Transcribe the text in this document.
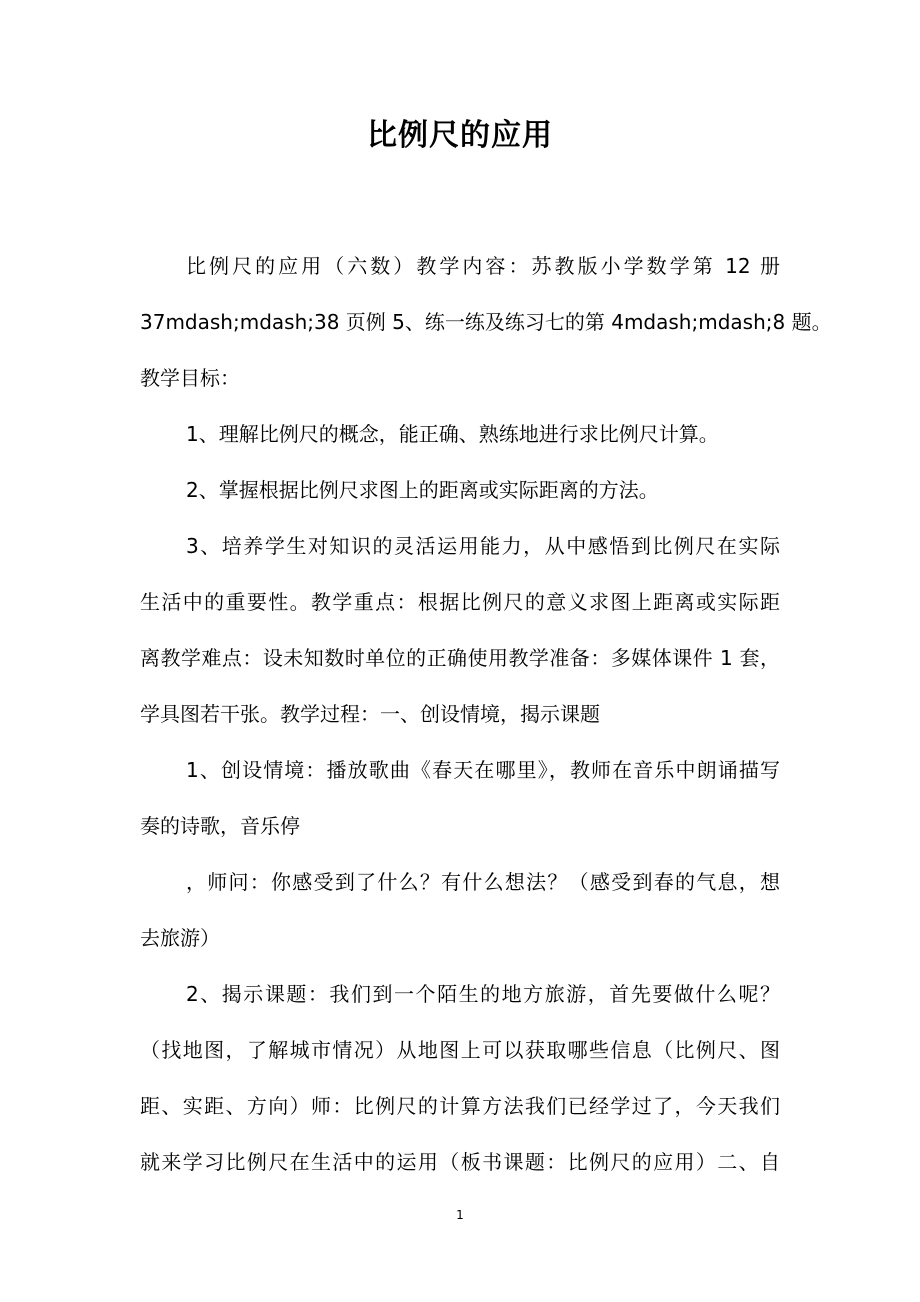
比例尺的应用
比例尺的应用（六数）教学内容：苏教版小学数学第 12 册
37mdash;mdash;38 页例 5、练一练及练习七的第 4mdash;mdash;8 题。
教学目标：
1、理解比例尺的概念，能正确、熟练地进行求比例尺计算。
2、掌握根据比例尺求图上的距离或实际距离的方法。
3、培养学生对知识的灵活运用能力，从中感悟到比例尺在实际
生活中的重要性。教学重点：根据比例尺的意义求图上距离或实际距
离教学难点：设未知数时单位的正确使用教学准备：多媒体课件 1 套，
学具图若干张。教学过程：一、创设情境，揭示课题
1、创设情境：播放歌曲《春天在哪里》，教师在音乐中朗诵描写
奏的诗歌，音乐停
，师问：你感受到了什么？有什么想法？（感受到春的气息，想
去旅游）
2、揭示课题：我们到一个陌生的地方旅游，首先要做什么呢？
（找地图，了解城市情况）从地图上可以获取哪些信息（比例尺、图
距、实距、方向）师：比例尺的计算方法我们已经学过了，今天我们
就来学习比例尺在生活中的运用（板书课题：比例尺的应用）二、自
1
